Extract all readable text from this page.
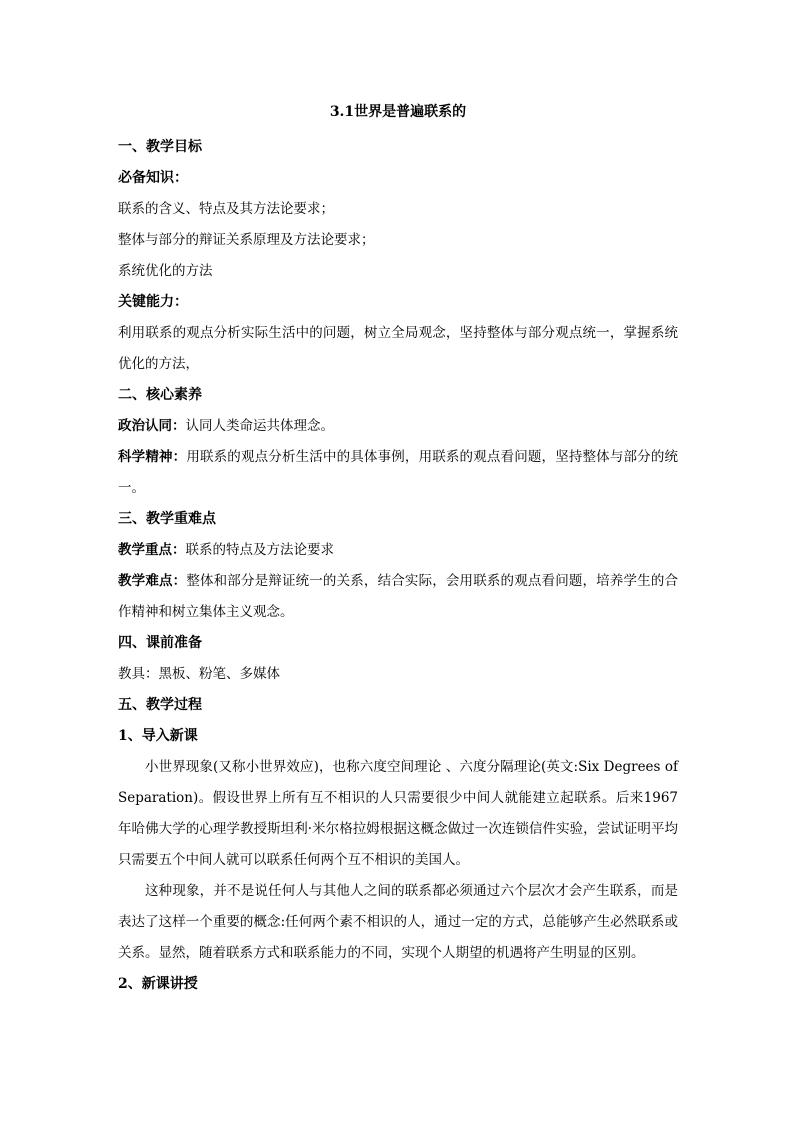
3.1世界是普遍联系的
一、教学目标
必备知识：
联系的含义、特点及其方法论要求；
整体与部分的辩证关系原理及方法论要求；
系统优化的方法
关键能力：
利用联系的观点分析实际生活中的问题，树立全局观念，坚持整体与部分观点统一，掌握系统优化的方法，
二、核心素养
政治认同：认同人类命运共体理念。
科学精神：用联系的观点分析生活中的具体事例，用联系的观点看问题，坚持整体与部分的统一。
三、教学重难点
教学重点：联系的特点及方法论要求
教学难点：整体和部分是辩证统一的关系，结合实际，会用联系的观点看问题，培养学生的合作精神和树立集体主义观念。
四、课前准备
教具：黑板、粉笔、多媒体
五、教学过程
1、导入新课
小世界现象(又称小世界效应)，也称六度空间理论 、六度分隔理论(英文:Six Degrees of Separation)。假设世界上所有互不相识的人只需要很少中间人就能建立起联系。后来1967年哈佛大学的心理学教授斯坦利·米尔格拉姆根据这概念做过一次连锁信件实验，尝试证明平均只需要五个中间人就可以联系任何两个互不相识的美国人。
这种现象，并不是说任何人与其他人之间的联系都必须通过六个层次才会产生联系，而是表达了这样一个重要的概念:任何两个素不相识的人，通过一定的方式，总能够产生必然联系或关系。显然，随着联系方式和联系能力的不同，实现个人期望的机遇将产生明显的区别。
2、新课讲授
